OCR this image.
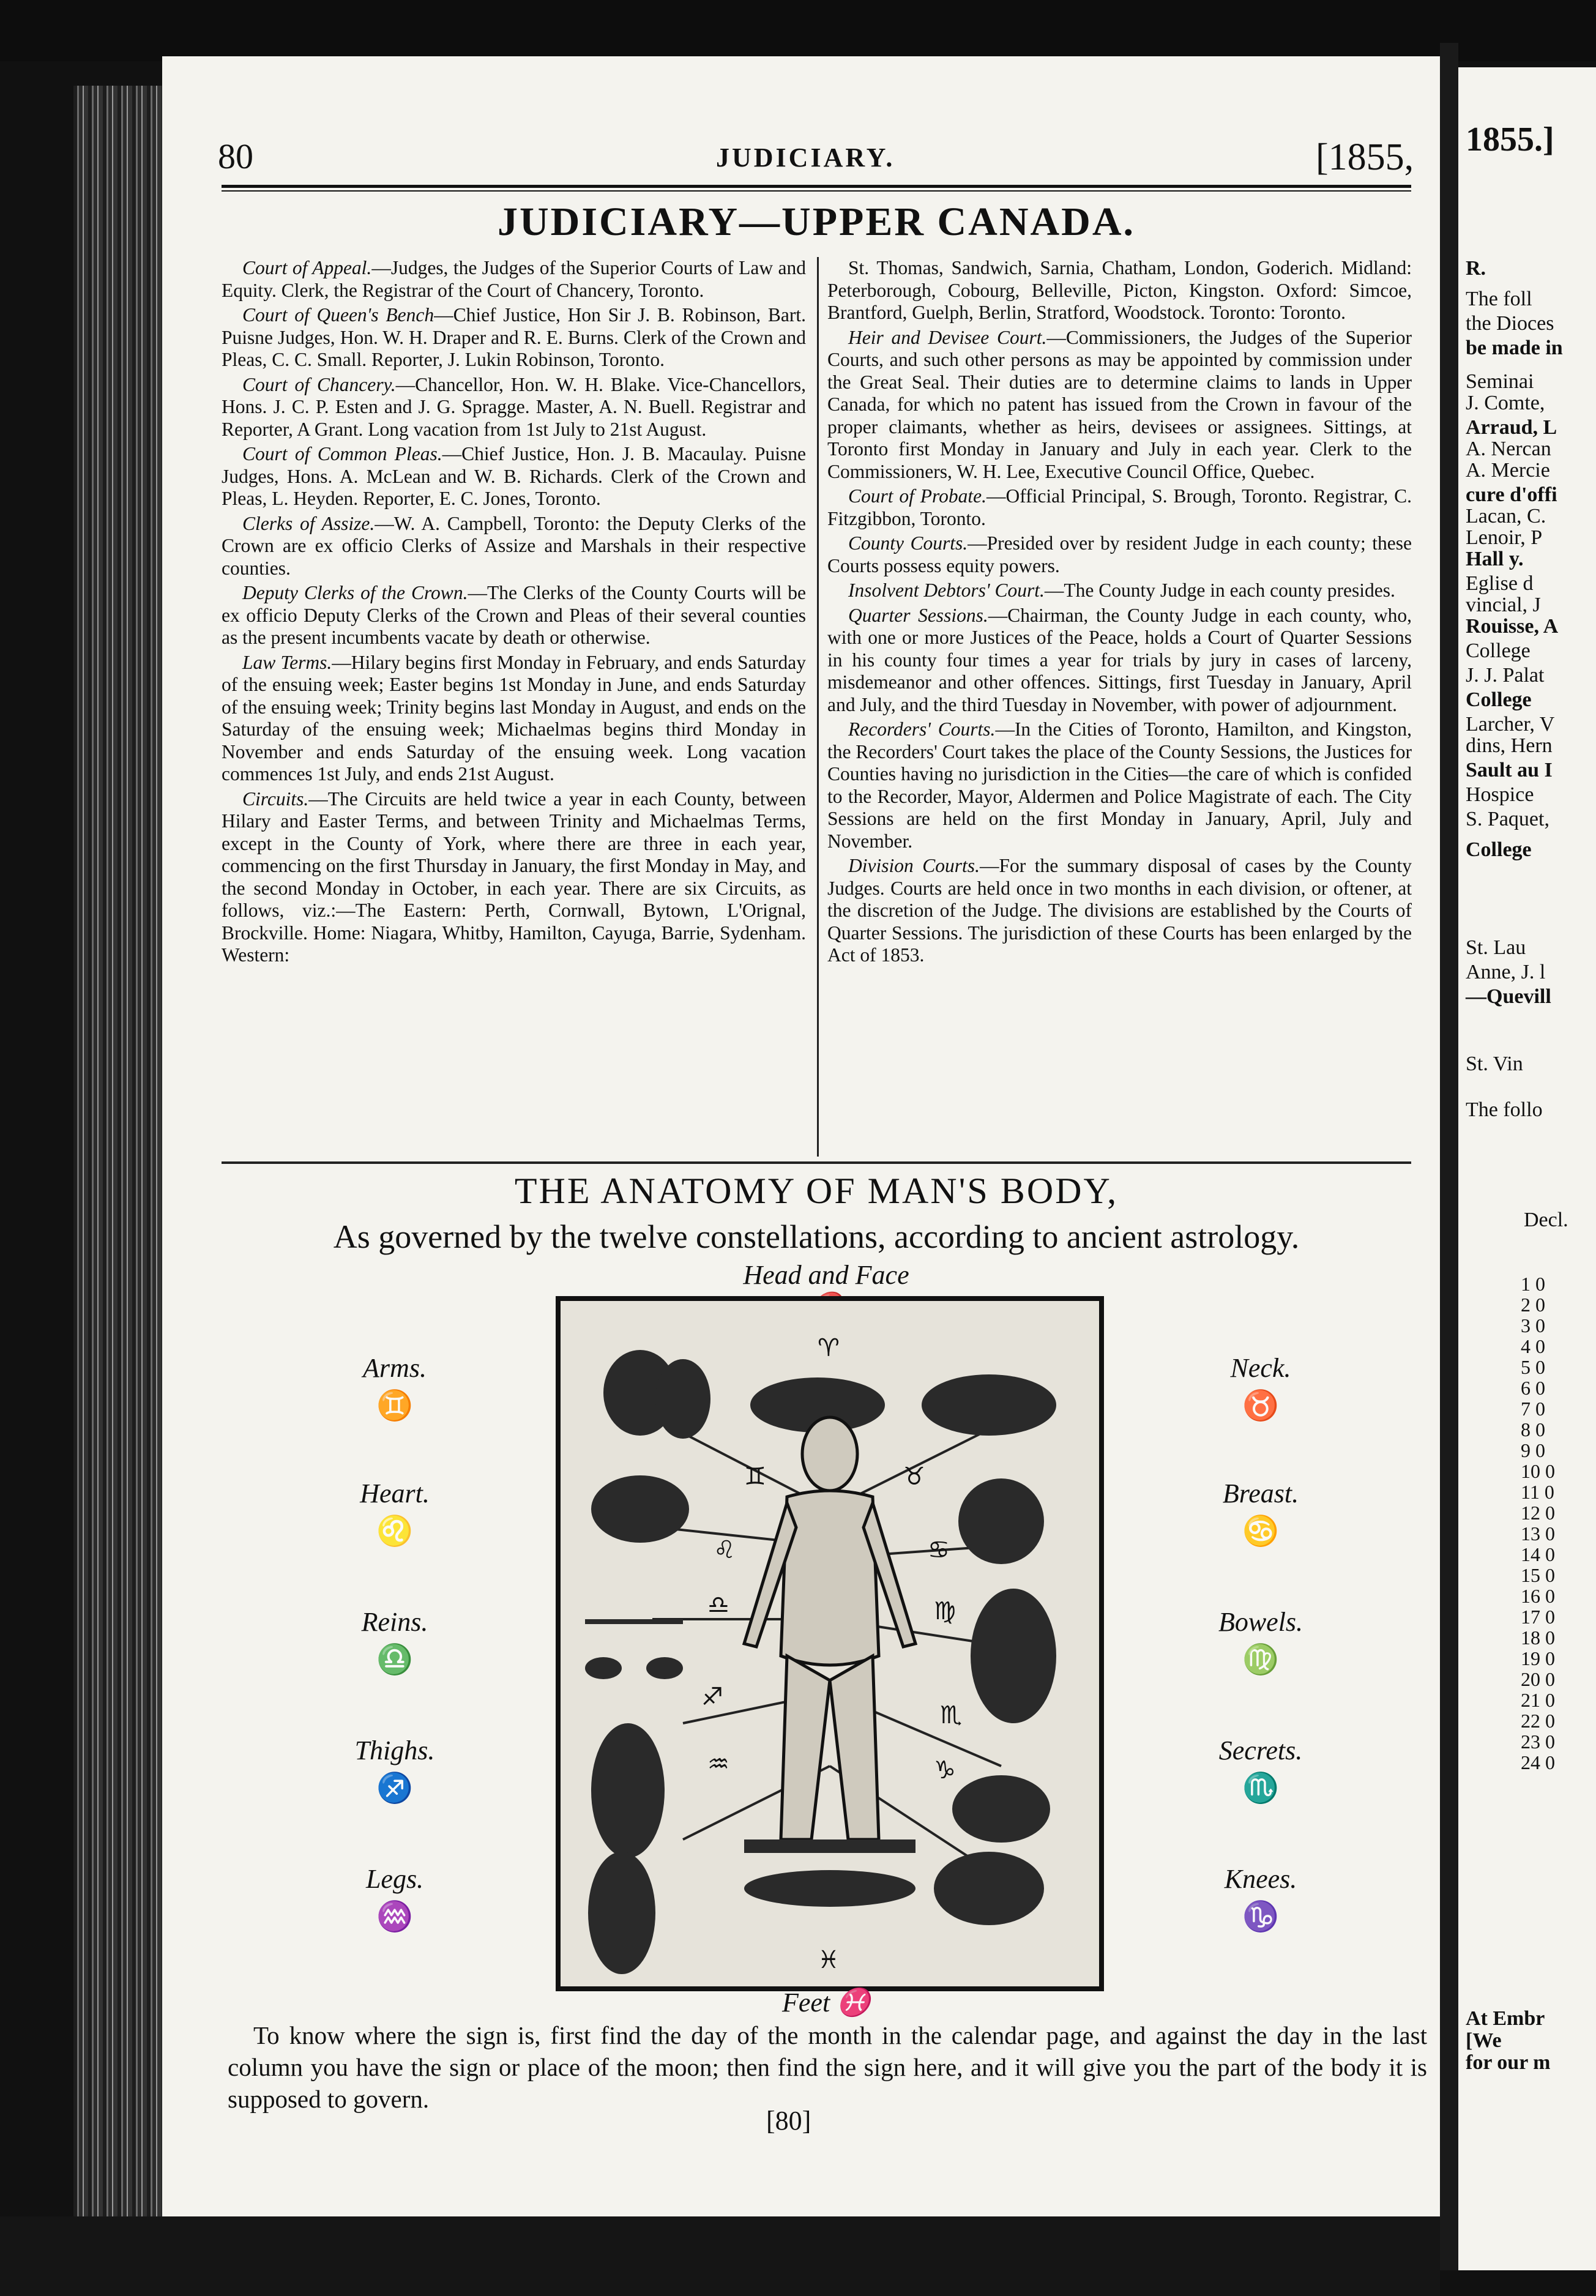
80	JUDICIARY.	[1855,
JUDICIARY—UPPER CANADA.

Court of Appeal.—Judges, the Judges of the Superior Courts of Law and Equity. Clerk, the Registrar of the Court of Chancery, Toronto.

Court of Queen's Bench—Chief Justice, Hon Sir J. B. Robinson, Bart. Puisne Judges, Hon. W. H. Draper and R. E. Burns. Clerk of the Crown and Pleas, C. C. Small. Reporter, J. Lukin Robinson, Toronto.

Court of Chancery.—Chancellor, Hon. W. H. Blake. Vice-Chancellors, Hons. J. C. P. Esten and J. G. Spragge. Master, A. N. Buell. Registrar and Reporter, A Grant. Long vacation from 1st July to 21st August.

Court of Common Pleas.—Chief Justice, Hon. J. B. Macaulay. Puisne Judges, Hons. A. McLean and W. B. Richards. Clerk of the Crown and Pleas, L. Heyden. Reporter, E. C. Jones, Toronto.

Clerks of Assize.—W. A. Campbell, Toronto: the Deputy Clerks of the Crown are ex officio Clerks of Assize and Marshals in their respective counties.

Deputy Clerks of the Crown.—The Clerks of the County Courts will be ex officio Deputy Clerks of the Crown and Pleas of their several counties as the present incumbents vacate by death or otherwise.

Law Terms.—Hilary begins first Monday in February, and ends Saturday of the ensuing week; Easter begins 1st Monday in June, and ends Saturday of the ensuing week; Trinity begins last Monday in August, and ends on the Saturday of the ensuing week; Michaelmas begins third Monday in November and ends Saturday of the ensuing week. Long vacation commences 1st July, and ends 21st August.

Circuits.—The Circuits are held twice a year in each County, between Hilary and Easter Terms, and between Trinity and Michaelmas Terms, except in the County of York, where there are three in each year, commencing on the first Thursday in January, the first Monday in May, and the second Monday in October, in each year. There are six Circuits, as follows, viz.:—The Eastern: Perth, Cornwall, Bytown, L'Orignal, Brockville. Home: Niagara, Whitby, Hamilton, Cayuga, Barrie, Sydenham. Western:

St. Thomas, Sandwich, Sarnia, Chatham, London, Goderich. Midland: Peterborough, Cobourg, Belleville, Picton, Kingston. Oxford: Simcoe, Brantford, Guelph, Berlin, Stratford, Woodstock. Toronto: Toronto.

Heir and Devisee Court.—Commissioners, the Judges of the Superior Courts, and such other persons as may be appointed by commission under the Great Seal. Their duties are to determine claims to lands in Upper Canada, for which no patent has issued from the Crown in favour of the proper claimants, whether as heirs, devisees or assignees. Sittings, at Toronto first Monday in January and July in each year. Clerk to the Commissioners, W. H. Lee, Executive Council Office, Quebec.

Court of Probate.—Official Principal, S. Brough, Toronto. Registrar, C. Fitzgibbon, Toronto.

County Courts.—Presided over by resident Judge in each county; these Courts possess equity powers.

Insolvent Debtors' Court.—The County Judge in each county presides.

Quarter Sessions.—Chairman, the County Judge in each county, who, with one or more Justices of the Peace, holds a Court of Quarter Sessions in his county four times a year for trials by jury in cases of larceny, misdemeanor and other offences. Sittings, first Tuesday in January, April and July, and the third Tuesday in November, with power of adjournment.

Recorders' Courts.—In the Cities of Toronto, Hamilton, and Kingston, the Recorders' Court takes the place of the County Sessions, the Justices for Counties having no jurisdiction in the Cities—the care of which is confided to the Recorder, Mayor, Aldermen and Police Magistrate of each. The City Sessions are held on the first Monday in January, April, July and November.

Division Courts.—For the summary disposal of cases by the County Judges. Courts are held once in two months in each division, or oftener, at the discretion of the Judge. The divisions are established by the Courts of Quarter Sessions. The jurisdiction of these Courts has been enlarged by the Act of 1853.

THE ANATOMY OF MAN'S BODY,
As governed by the twelve constellations, according to ancient astrology.
Head and Face
Arms.
♊
Heart.
♌
Reins.
♎
Thighs.
♐
Legs.
♒
Neck.
♉
Breast.
♋
Bowels.
♍
Secrets.
♏
Knees.
♑
♈
♊	♉
♌	♋
♎	♍
♐
♏
♒	♑
♓
Feet ♓

To know where the sign is, first find the day of the month in the calendar page, and against the day in the last column you have the sign or place of the moon; then find the sign here, and it will give you the part of the body it is supposed to govern.

[80]
1855.]
R.
The foll
the Dioces
be made in
Seminai
J. Comte,
Arraud, L
A. Nercan
A. Mercie
cure d'offi
Lacan, C.
Lenoir, P
Hall y.
Eglise d
vincial, J
Rouisse, A
College
J. J. Palat
College
Larcher, V
dins, Hern
Sault au I
Hospice
S. Paquet,
College
St. Lau
Anne, J. l
—Quevill
St. Vin
The follo
Decl.
1 0
2 0
3 0
4 0
5 0
6 0
7 0
8 0
9 0
10 0
11 0
12 0
13 0
14 0
15 0
16 0
17 0
18 0
19 0
20 0
21 0
22 0
23 0
24 0
At Embr
[We
for our m
